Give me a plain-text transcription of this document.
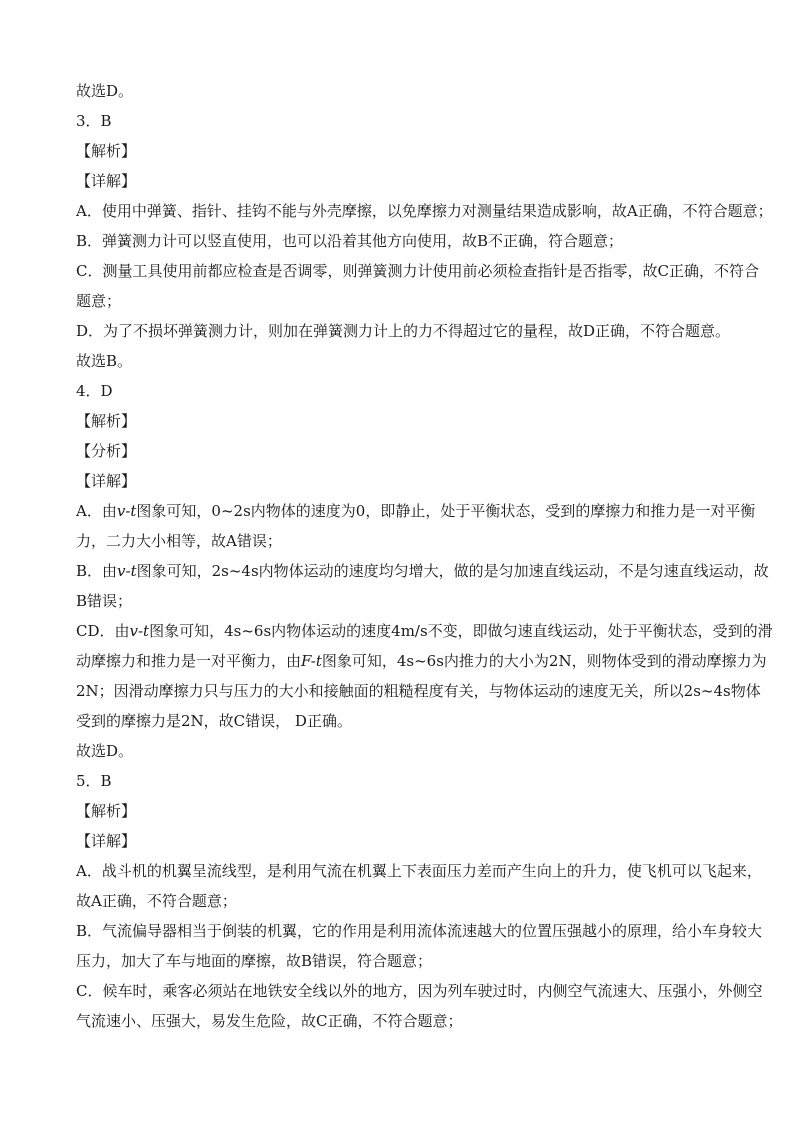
故选D。
3．B
【解析】
【详解】
A．使用中弹簧、指针、挂钩不能与外壳摩擦，以免摩擦力对测量结果造成影响，故A正确，不符合题意；
B．弹簧测力计可以竖直使用，也可以沿着其他方向使用，故B不正确，符合题意；
C．测量工具使用前都应检查是否调零，则弹簧测力计使用前必须检查指针是否指零，故C正确，不符合
题意；
D．为了不损坏弹簧测力计，则加在弹簧测力计上的力不得超过它的量程，故D正确，不符合题意。
故选B。
4．D
【解析】
【分析】
【详解】
A．由v-t图象可知，0~2s内物体的速度为0，即静止，处于平衡状态，受到的摩擦力和推力是一对平衡
力，二力大小相等，故A错误；
B．由v-t图象可知，2s~4s内物体运动的速度均匀增大，做的是匀加速直线运动，不是匀速直线运动，故
B错误；
CD．由v-t图象可知，4s~6s内物体运动的速度4m/s不变，即做匀速直线运动，处于平衡状态，受到的滑
动摩擦力和推力是一对平衡力，由F-t图象可知，4s~6s内推力的大小为2N，则物体受到的滑动摩擦力为
2N；因滑动摩擦力只与压力的大小和接触面的粗糙程度有关，与物体运动的速度无关，所以2s~4s物体
受到的摩擦力是2N，故C错误， D正确。
故选D。
5．B
【解析】
【详解】
A．战斗机的机翼呈流线型，是利用气流在机翼上下表面压力差而产生向上的升力，使飞机可以飞起来，
故A正确，不符合题意；
B．气流偏导器相当于倒装的机翼，它的作用是利用流体流速越大的位置压强越小的原理，给小车身较大
压力，加大了车与地面的摩擦，故B错误，符合题意；
C．候车时，乘客必须站在地铁安全线以外的地方，因为列车驶过时，内侧空气流速大、压强小，外侧空
气流速小、压强大，易发生危险，故C正确，不符合题意；
